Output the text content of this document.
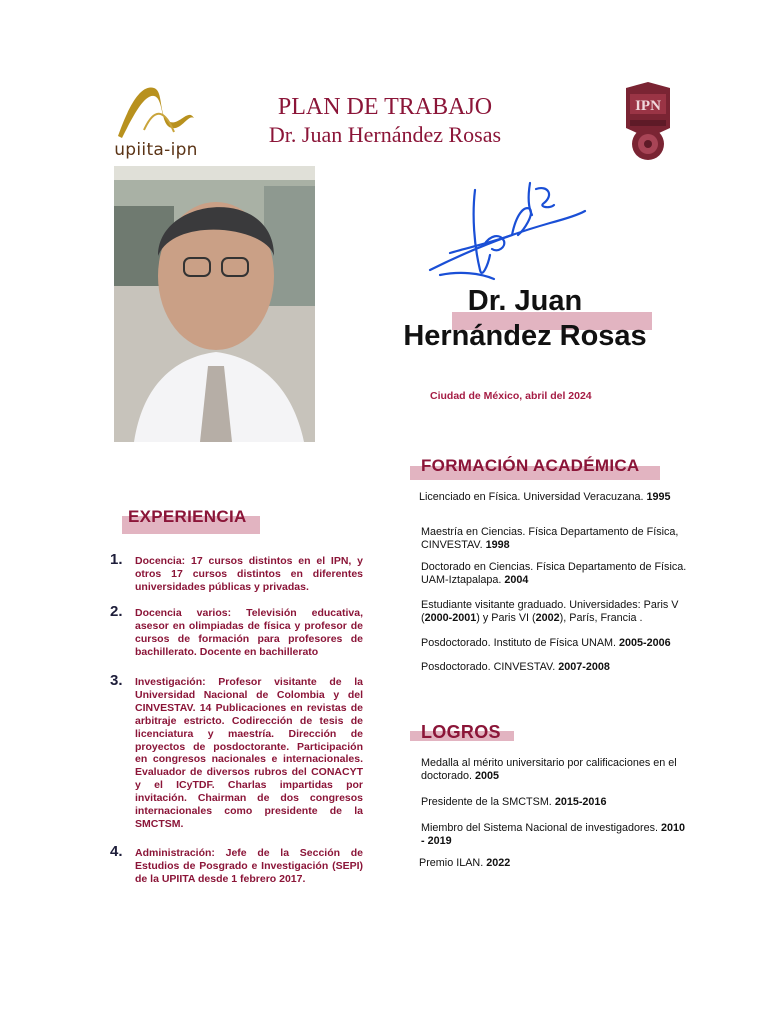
upiita-ipn
PLAN DE TRABAJO
Dr. Juan Hernández Rosas
IPN
Dr. Juan
Hernández Rosas
Ciudad de México, abril del 2024
EXPERIENCIA
1. Docencia: 17 cursos distintos en el IPN, y otros 17 cursos distintos en diferentes universidades públicas y privadas.
2. Docencia varios: Televisión educativa, asesor en olimpiadas de física y profesor de cursos de formación para profesores de bachillerato. Docente en bachillerato
3. Investigación: Profesor visitante de la Universidad Nacional de Colombia y del CINVESTAV. 14 Publicaciones en revistas de arbitraje estricto. Codirección de tesis de licenciatura y maestría. Dirección de proyectos de posdoctorante. Participación en congresos nacionales e internacionales. Evaluador de diversos rubros del CONACYT y el ICyTDF. Charlas impartidas por invitación. Chairman de dos congresos internacionales como presidente de la SMCTSM.
4. Administración: Jefe de la Sección de Estudios de Posgrado e Investigación (SEPI) de la UPIITA desde 1 febrero 2017.
FORMACIÓN ACADÉMICA
Licenciado en Física. Universidad Veracuzana. 1995
Maestría en Ciencias. Física Departamento de Física, CINVESTAV. 1998
Doctorado en Ciencias. Física Departamento de Física. UAM-Iztapalapa. 2004
Estudiante visitante graduado. Universidades: Paris V (2000-2001) y Paris VI (2002), París, Francia .
Posdoctorado. Instituto de Física UNAM. 2005-2006
Posdoctorado. CINVESTAV. 2007-2008
LOGROS
Medalla al mérito universitario por calificaciones en el doctorado. 2005
Presidente de la SMCTSM. 2015-2016
Miembro del Sistema Nacional de investigadores. 2010 - 2019
Premio ILAN. 2022
